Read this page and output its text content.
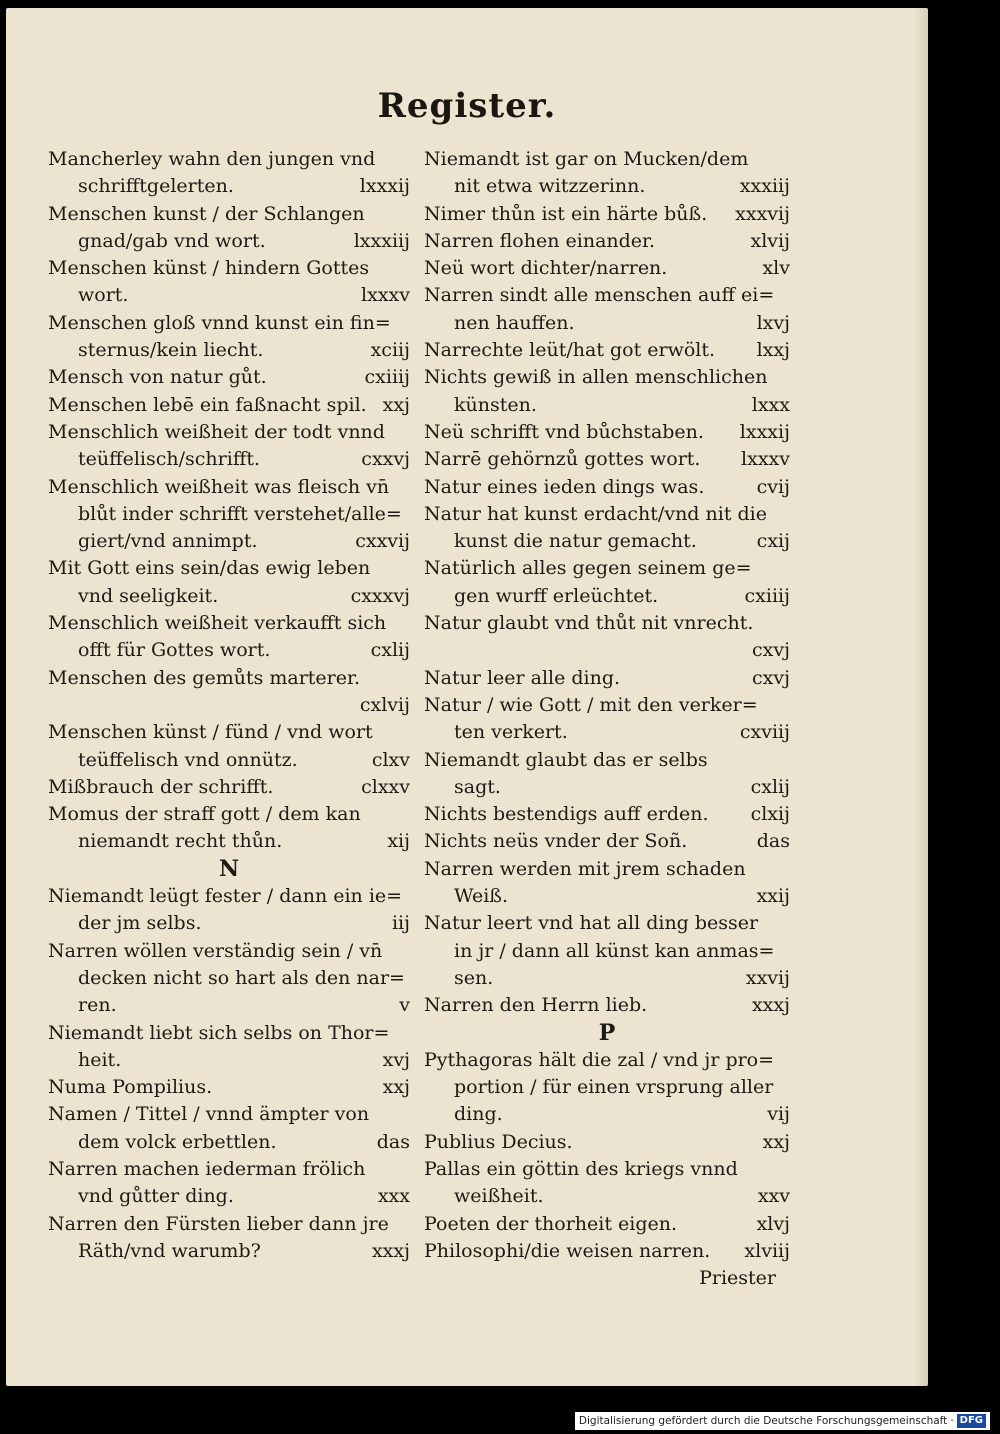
Register.
Mancherley wahn den jungen vnd
schrifftgelerten.	lxxxij
Menschen kunst / der Schlangen
gnad/gab vnd wort.	lxxxiij
Menschen künst / hindern Gottes
wort.	lxxxv
Menschen gloß vnnd kunst ein fin=
sternus/kein liecht.	xciij
Mensch von natur gůt.	cxiiij
Menschen lebē ein faßnacht spil. xxj
Menschlich weißheit der todt vnnd
teüffelisch/schrifft.	cxxvj
Menschlich weißheit was fleisch vn̄
blůt inder schrifft verstehet/alle=
giert/vnd annimpt.	cxxvij
Mit Gott eins sein/das ewig leben
vnd seeligkeit.	cxxxvj
Menschlich weißheit verkaufft sich
offt für Gottes wort.	cxlij
Menschen des gemůts marterer.
cxlvij
Menschen künst / fünd / vnd wort
teüffelisch vnd onnütz.	clxv
Mißbrauch der schrifft.	clxxv
Momus der straff gott / dem kan
niemandt recht thůn.	xij
N
Niemandt leügt fester / dann ein ie=
der jm selbs.	iij
Narren wöllen verständig sein / vn̄
decken nicht so hart als den nar=
ren.	v
Niemandt liebt sich selbs on Thor=
heit.	xvj
Numa Pompilius.	xxj
Namen / Tittel / vnnd ämpter von
dem volck erbettlen.	das
Narren machen iederman frölich
vnd gůtter ding.	xxx
Narren den Fürsten lieber dann jre
Räth/vnd warumb?	xxxj
Niemandt ist gar on Mucken/dem
nit etwa witzzerinn.	xxxiij
Nimer thůn ist ein härte bůß. xxxvij
Narren flohen einander.	xlvij
Neü wort dichter/narren.	xlv
Narren sindt alle menschen auff ei=
nen hauffen.	lxvj
Narrechte leüt/hat got erwölt. lxxj
Nichts gewiß in allen menschlichen
künsten.	lxxx
Neü schrifft vnd bůchstaben. lxxxij
Narrē gehörnzů gottes wort. lxxxv
Natur eines ieden dings was.	cvij
Natur hat kunst erdacht/vnd nit die
kunst die natur gemacht.	cxij
Natürlich alles gegen seinem ge=
gen wurff erleüchtet.	cxiiij
Natur glaubt vnd thůt nit vnrecht.
cxvj
Natur leer alle ding.	cxvj
Natur / wie Gott / mit den verker=
ten verkert.	cxviij
Niemandt glaubt das er selbs
sagt.	cxlij
Nichts bestendigs auff erden. clxij
Nichts neüs vnder der Soñ.	das
Narren werden mit jrem schaden
Weiß.	xxij
Natur leert vnd hat all ding besser
in jr / dann all künst kan anmas=
sen.	xxvij
Narren den Herrn lieb.	xxxj
P
Pythagoras hält die zal / vnd jr pro=
portion / für einen vrsprung aller
ding.	vij
Publius Decius.	xxj
Pallas ein göttin des kriegs vnnd
weißheit.	xxv
Poeten der thorheit eigen.	xlvj
Philosophi/die weisen narren. xlviij
Priester
Digitalisierung gefördert durch die Deutsche Forschungsgemeinschaft · DFG
